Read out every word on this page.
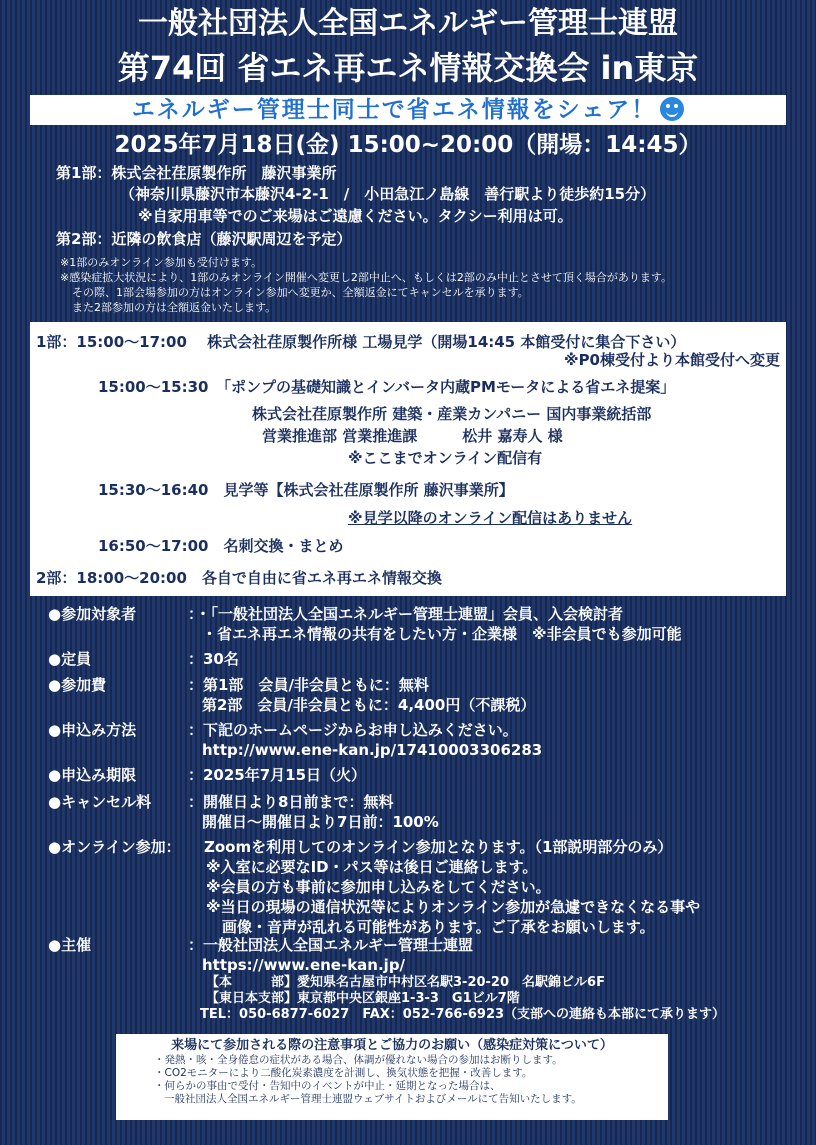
一般社団法人全国エネルギー管理士連盟
第74回 省エネ再エネ情報交換会 in東京
エネルギー管理士同士で省エネ情報をシェア！
2025年7月18日(金) 15:00~20:00（開場：14:45）
第1部：株式会社荏原製作所　藤沢事業所
（神奈川県藤沢市本藤沢4-2-1　/　小田急江ノ島線　善行駅より徒歩約15分）
※自家用車等でのご来場はご遠慮ください。タクシー利用は可。
第2部：近隣の飲食店（藤沢駅周辺を予定）
※1部のみオンライン参加も受付けます。
※感染症拡大状況により、1部のみオンライン開催へ変更し2部中止へ、もしくは2部のみ中止とさせて頂く場合があります。
その際、1部会場参加の方はオンライン参加へ変更か、全額返金にてキャンセルを承ります。
また2部参加の方は全額返金いたします。
1部：15:00～17:00　 株式会社荏原製作所様 工場見学（開場14:45 本館受付に集合下さい）
※P0棟受付より本館受付へ変更
15:00～15:30　「ポンプの基礎知識とインバータ内蔵PMモータによる省エネ提案」
株式会社荏原製作所 建築・産業カンパニー 国内事業統括部
営業推進部 営業推進課　　　松井 嘉寿人 様
※ここまでオンライン配信有
15:30～16:40　見学等【株式会社荏原製作所 藤沢事業所】
※見学以降のオンライン配信はありません
16:50～17:00　名刺交換・まとめ
2部：18:00～20:00　各自で自由に省エネ再エネ情報交換
●参加対象者	：・「一般社団法人全国エネルギー管理士連盟」会員、入会検討者
・省エネ再エネ情報の共有をしたい方・企業様　※非会員でも参加可能
●定員	：30名
●参加費	：第1部　会員/非会員ともに：無料
第2部　会員/非会員ともに：4,400円（不課税）
●申込み方法	：下記のホームページからお申し込みください。
http://www.ene-kan.jp/17410003306283
●申込み期限	：2025年7月15日（火）
●キャンセル料 ：開催日より8日前まで：無料
開催日～開催日より7日前：100%
●オンライン参加： Zoomを利用してのオンライン参加となります。（1部説明部分のみ）
※入室に必要なID・パス等は後日ご連絡します。
※会員の方も事前に参加申し込みをしてください。
※当日の現場の通信状況等によりオンライン参加が急遽できなくなる事や
画像・音声が乱れる可能性があります。ご了承をお願いします。
●主催	：一般社団法人全国エネルギー管理士連盟
https://www.ene-kan.jp/
【本　　　部】愛知県名古屋市中村区名駅3-20-20　名駅錦ビル6F
【東日本支部】東京都中央区銀座1-3-3　G1ビル7階
TEL：050-6877-6027　FAX：052-766-6923（支部への連絡も本部にて承ります）
来場にて参加される際の注意事項とご協力のお願い（感染症対策について）
・発熱・咳・全身倦怠の症状がある場合、体調が優れない場合の参加はお断りします。
・CO2モニターにより二酸化炭素濃度を計測し、換気状態を把握・改善します。
・何らかの事由で受付・告知中のイベントが中止・延期となった場合は、
一般社団法人全国エネルギー管理士連盟ウェブサイトおよびメールにて告知いたします。
